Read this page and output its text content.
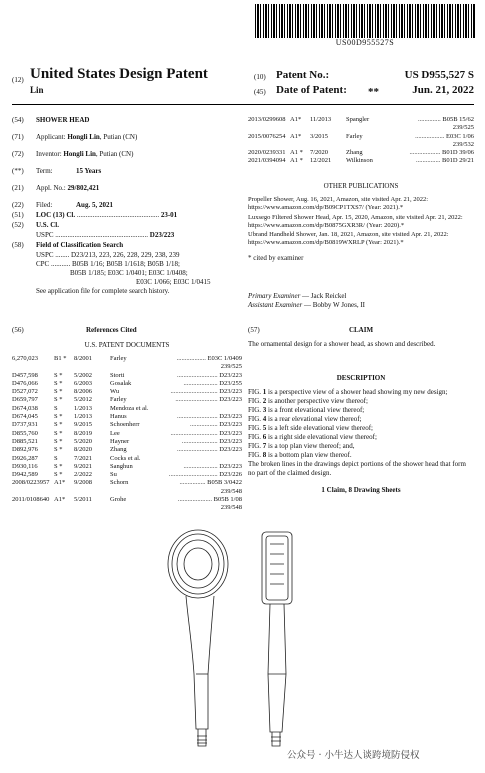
US00D955527S
(12) United States Design Patent
Lin
(10) Patent No.:	US D955,527 S
(45) Date of Patent: **	Jun. 21, 2022
(54) SHOWER HEAD
(71) Applicant: Hongli Lin, Putian (CN)
(72) Inventor: Hongli Lin, Putian (CN)
(**) Term:	15 Years
(21) Appl. No.: 29/802,421
(22) Filed:	Aug. 5, 2021
(51) LOC (13) Cl. ............................................... 23-01
(52) U.S. Cl.
USPC ..................................................... D23/223
(58) Field of Classification Search
USPC ........ D23/213, 223, 226, 228, 229, 238, 239
CPC ........... B05B 1/16; B05B 1/1618; B05B 1/18;
B05B 1/185; E03C 1/0401; E03C 1/0408;
E03C 1/066; E03C 1/0415
See application file for complete search history.
(56)	References Cited
U.S. PATENT DOCUMENTS
6,270,023	B1 *	8/2001	Farley	.................. E03C 1/0409
239/525
D457,598	S *	5/2002	Storti	......................... D23/223
D476,066	S *	6/2003	Gosalak	..................... D23/255
D527,072	S *	8/2006	Wu	............................. D23/223
D659,797	S *	5/2012	Farley	.......................... D23/223
D674,038	S	1/2013	Mendoza et al.
D674,045	S *	1/2013	Hanus	......................... D23/223
D737,931	S *	9/2015	Schoenherr	................. D23/223
D855,760	S *	8/2019	Lee	............................. D23/223
D885,521	S *	5/2020	Hayner	...................... D23/223
D892,976	S *	8/2020	Zhang	......................... D23/223
D926,287	S	7/2021	Cocks et al.
D930,116	S *	9/2021	Sanghun	..................... D23/223
D942,589	S *	2/2022	Su	.............................. D23/226
2008/0223957 A1*	9/2008	Schorn	................ B05B 3/0422
239/548
2011/0108640 A1*	5/2011	Grohe	..................... B05B 1/08
239/548
2013/0299608 A1*	11/2013	Spangler	.............. B05B 15/62
239/525
2015/0076254 A1*	3/2015	Farley	.................. E03C 1/06
239/532
2020/0239331 A1 *	7/2020	Zhang	................... B01D 39/06
2021/0394094 A1 *	12/2021	Wilkinson	............... B01D 29/21
OTHER PUBLICATIONS
Propeller Shower, Aug. 16, 2021, Amazon, site visited Apr. 21, 2022: https://www.amazon.com/dp/B09CP1TXS7/ (Year: 2021).*
Luxsego Filtered Shower Head, Apr. 15, 2020, Amazon, site visited Apr. 21, 2022: https://www.amazon.com/dp/B0875GXR3R/ (Year: 2020).*
Ubrand Handheld Shower, Jan. 18, 2021, Amazon, site visited Apr. 21, 2022: https://www.amazon.com/dp/B0819WXRLP (Year: 2021).*
* cited by examiner
Primary Examiner — Jack Reickel
Assistant Examiner — Bobby W Jones, II
(57)	CLAIM
The ornamental design for a shower head, as shown and described.
DESCRIPTION
FIG. 1 is a perspective view of a shower head showing my new design;
FIG. 2 is another perspective view thereof;
FIG. 3 is a front elevational view thereof;
FIG. 4 is a rear elevational view thereof;
FIG. 5 is a left side elevational view thereof;
FIG. 6 is a right side elevational view thereof;
FIG. 7 is a top plan view thereof; and,
FIG. 8 is a bottom plan view thereof.
The broken lines in the drawings depict portions of the shower head that form no part of the claimed design.
1 Claim, 8 Drawing Sheets
公众号 · 小牛达人谈跨境防侵权
